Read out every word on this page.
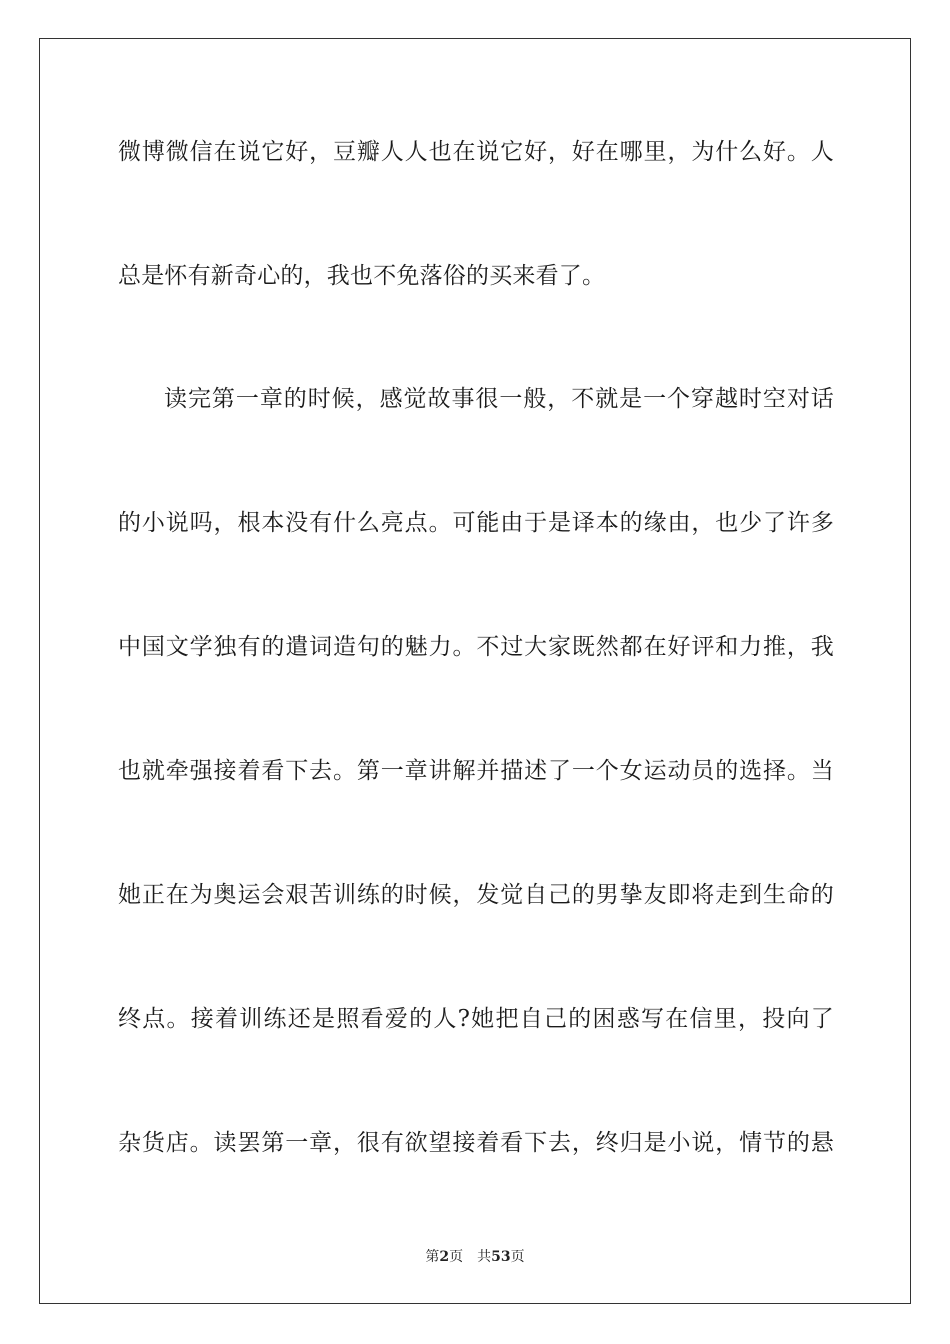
微博微信在说它好，豆瓣人人也在说它好，好在哪里，为什么好。人
总是怀有新奇心的，我也不免落俗的买来看了。
读完第一章的时候，感觉故事很一般，不就是一个穿越时空对话
的小说吗，根本没有什么亮点。可能由于是译本的缘由，也少了许多
中国文学独有的遣词造句的魅力。不过大家既然都在好评和力推，我
也就牵强接着看下去。第一章讲解并描述了一个女运动员的选择。当
她正在为奥运会艰苦训练的时候，发觉自己的男挚友即将走到生命的
终点。接着训练还是照看爱的人?她把自己的困惑写在信里，投向了
杂货店。读罢第一章，很有欲望接着看下去，终归是小说，情节的悬
第2页 共53页
